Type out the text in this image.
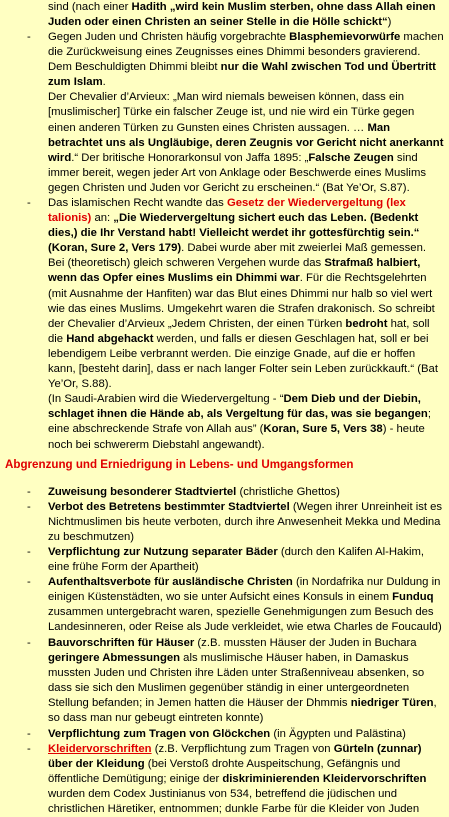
sind (nach einer Hadith „wird kein Muslim sterben, ohne dass Allah einen Juden oder einen Christen an seiner Stelle in die Hölle schickt“)
-	Gegen Juden und Christen häufig vorgebrachte Blasphemievorwürfe machen die Zurückweisung eines Zeugnisses eines Dhimmi besonders gravierend. Dem Beschuldigten Dhimmi bleibt nur die Wahl zwischen Tod und Übertritt zum Islam.
Der Chevalier d’Arvieux: „Man wird niemals beweisen können, dass ein [muslimischer] Türke ein falscher Zeuge ist, und nie wird ein Türke gegen einen anderen Türken zu Gunsten eines Christen aussagen. … Man betrachtet uns als Ungläubige, deren Zeugnis vor Gericht nicht anerkannt wird.“ Der britische Honorarkonsul von Jaffa 1895: „Falsche Zeugen sind immer bereit, wegen jeder Art von Anklage oder Beschwerde eines Muslims gegen Christen und Juden vor Gericht zu erscheinen.“ (Bat Ye’Or, S.87).
-	Das islamischen Recht wandte das Gesetz der Wiedervergeltung (lex talionis) an: „Die Wiedervergeltung sichert euch das Leben. (Bedenkt dies,) die Ihr Verstand habt! Vielleicht werdet ihr gottesfürchtig sein.“ (Koran, Sure 2, Vers 179). Dabei wurde aber mit zweierlei Maß gemessen. Bei (theoretisch) gleich schweren Vergehen wurde das Strafmaß halbiert, wenn das Opfer eines Muslims ein Dhimmi war. Für die Rechtsgelehrten (mit Ausnahme der Hanfiten) war das Blut eines Dhimmi nur halb so viel wert wie das eines Muslims. Umgekehrt waren die Strafen drakonisch. So schreibt der Chevalier d’Arvieux „Jedem Christen, der einen Türken bedroht hat, soll die Hand abgehackt werden, und falls er diesen Geschlagen hat, soll er bei lebendigem Leibe verbrannt werden. Die einzige Gnade, auf die er hoffen kann, [besteht darin], dass er nach langer Folter sein Leben zurückkauft.“ (Bat Ye’Or, S.88).
(In Saudi-Arabien wird die Wiedervergeltung - “Dem Dieb und der Diebin, schlaget ihnen die Hände ab, als Vergeltung für das, was sie begangen; eine abschreckende Strafe von Allah aus” (Koran, Sure 5, Vers 38) - heute noch bei schwererm Diebstahl angewandt).
Abgrenzung und Erniedrigung in Lebens- und Umgangsformen
-	Zuweisung besonderer Stadtviertel (christliche Ghettos)
-	Verbot des Betretens bestimmter Stadtviertel (Wegen ihrer Unreinheit ist es Nichtmuslimen bis heute verboten, durch ihre Anwesenheit Mekka und Medina zu beschmutzen)
-	Verpflichtung zur Nutzung separater Bäder (durch den Kalifen Al-Hakim, eine frühe Form der Apartheit)
-	Aufenthaltsverbote für ausländische Christen (in Nordafrika nur Duldung in einigen Küstenstädten, wo sie unter Aufsicht eines Konsuls in einem Funduq zusammen untergebracht waren, spezielle Genehmigungen zum Besuch des Landesinneren, oder Reise als Jude verkleidet, wie etwa Charles de Foucauld)
-	Bauvorschriften für Häuser (z.B. mussten Häuser der Juden in Buchara geringere Abmessungen als muslimische Häuser haben, in Damaskus mussten Juden und Christen ihre Läden unter Straßenniveau absenken, so dass sie sich den Muslimen gegenüber ständig in einer untergeordneten Stellung befanden; in Jemen hatten die Häuser der Dhmmis niedriger Türen, so dass man nur gebeugt eintreten konnte)
-	Verpflichtung zum Tragen von Glöckchen (in Ägypten und Palästina)
-	Kleidervorschriften (z.B. Verpflichtung zum Tragen von Gürteln (zunnar) über der Kleidung (bei Verstoß drohte Auspeitschung, Gefängnis und öffentliche Demütigung; einige der diskriminierenden Kleidervorschriften wurden dem Codex Justinianus von 534, betreffend die jüdischen und christlichen Häretiker, entnommen; dunkle Farbe für die Kleider von Juden
